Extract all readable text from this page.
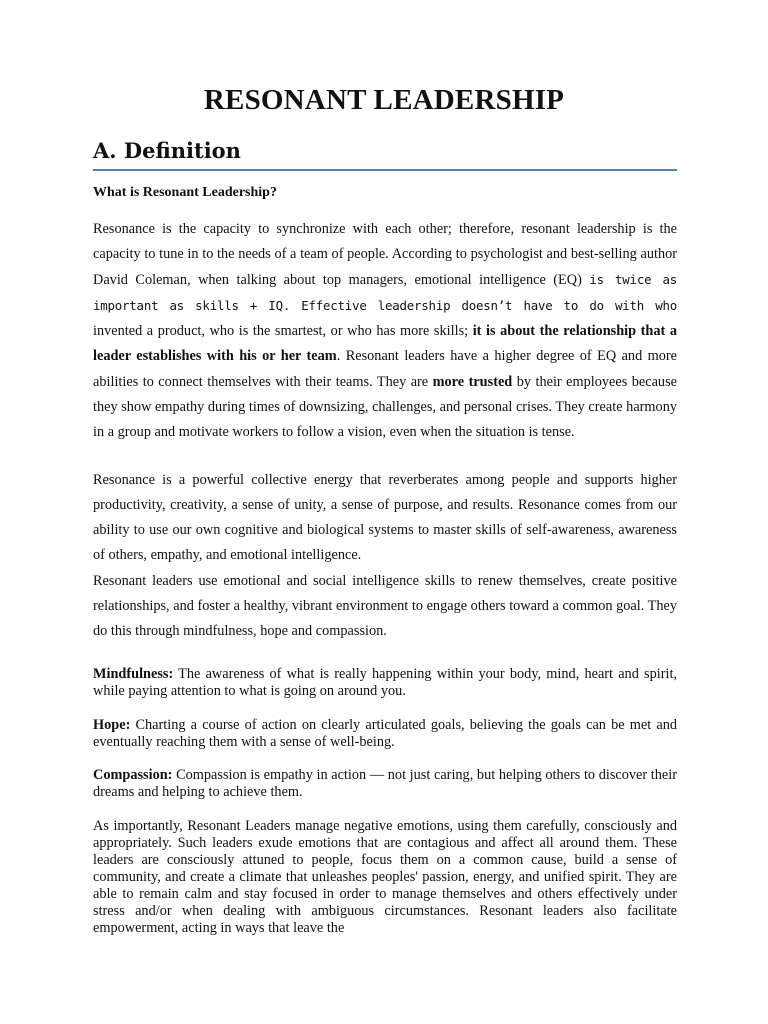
RESONANT LEADERSHIP
A. Definition
What is Resonant Leadership?

Resonance is the capacity to synchronize with each other; therefore, resonant leadership is the capacity to tune in to the needs of a team of people. According to psychologist and best-selling author David Coleman, when talking about top managers, emotional intelligence (EQ) is twice as important as skills + IQ. Effective leadership doesn’t have to do with who invented a product, who is the smartest, or who has more skills; it is about the relationship that a leader establishes with his or her team. Resonant leaders have a higher degree of EQ and more abilities to connect themselves with their teams. They are more trusted by their employees because they show empathy during times of downsizing, challenges, and personal crises. They create harmony in a group and motivate workers to follow a vision, even when the situation is tense.

Resonance is a powerful collective energy that reverberates among people and supports higher productivity, creativity, a sense of unity, a sense of purpose, and results. Resonance comes from our ability to use our own cognitive and biological systems to master skills of self-awareness, awareness of others, empathy, and emotional intelligence.

Resonant leaders use emotional and social intelligence skills to renew themselves, create positive relationships, and foster a healthy, vibrant environment to engage others toward a common goal. They do this through mindfulness, hope and compassion.

Mindfulness: The awareness of what is really happening within your body, mind, heart and spirit, while paying attention to what is going on around you.

Hope: Charting a course of action on clearly articulated goals, believing the goals can be met and eventually reaching them with a sense of well-being.

Compassion: Compassion is empathy in action — not just caring, but helping others to discover their dreams and helping to achieve them.

As importantly, Resonant Leaders manage negative emotions, using them carefully, consciously and appropriately. Such leaders exude emotions that are contagious and affect all around them. These leaders are consciously attuned to people, focus them on a common cause, build a sense of community, and create a climate that unleashes peoples' passion, energy, and unified spirit. They are able to remain calm and stay focused in order to manage themselves and others effectively under stress and/or when dealing with ambiguous circumstances. Resonant leaders also facilitate empowerment, acting in ways that leave the
